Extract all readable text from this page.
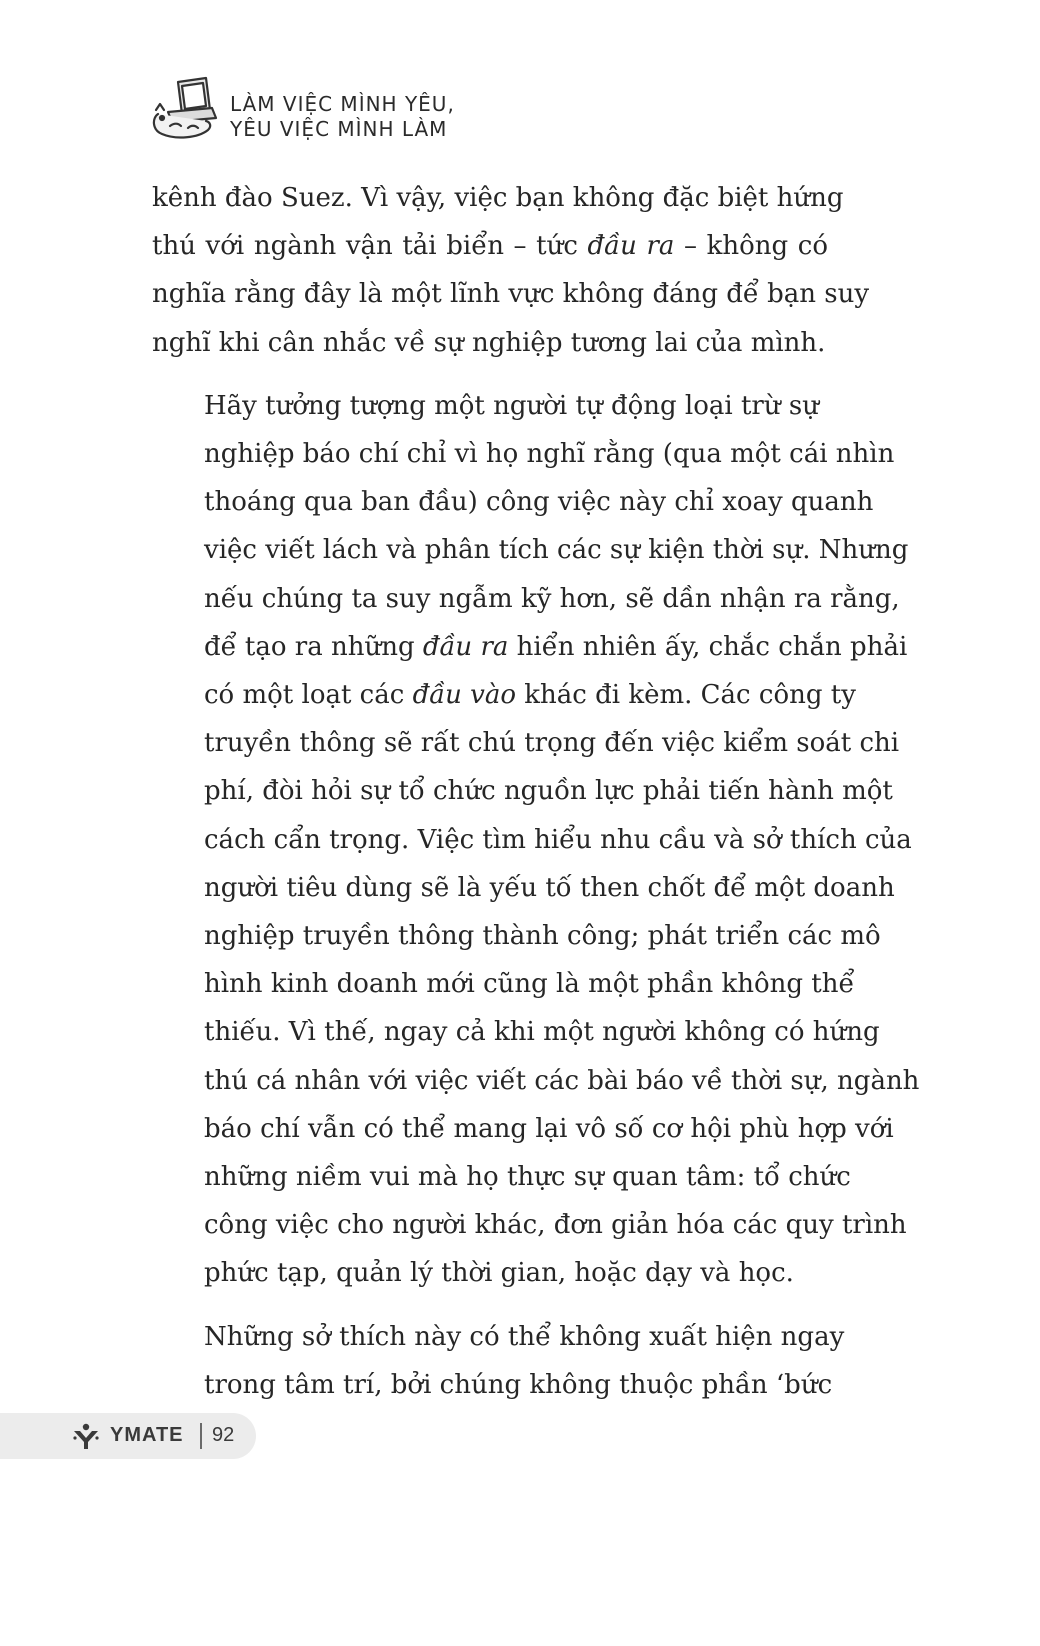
LÀM VIỆC MÌNH YÊU,
YÊU VIỆC MÌNH LÀM

kênh đào Suez. Vì vậy, việc bạn không đặc biệt hứng
thú với ngành vận tải biển – tức đầu ra – không có
nghĩa rằng đây là một lĩnh vực không đáng để bạn suy
nghĩ khi cân nhắc về sự nghiệp tương lai của mình.

Hãy tưởng tượng một người tự động loại trừ sự
nghiệp báo chí chỉ vì họ nghĩ rằng (qua một cái nhìn
thoáng qua ban đầu) công việc này chỉ xoay quanh
việc viết lách và phân tích các sự kiện thời sự. Nhưng
nếu chúng ta suy ngẫm kỹ hơn, sẽ dần nhận ra rằng,
để tạo ra những đầu ra hiển nhiên ấy, chắc chắn phải
có một loạt các đầu vào khác đi kèm. Các công ty
truyền thông sẽ rất chú trọng đến việc kiểm soát chi
phí, đòi hỏi sự tổ chức nguồn lực phải tiến hành một
cách cẩn trọng. Việc tìm hiểu nhu cầu và sở thích của
người tiêu dùng sẽ là yếu tố then chốt để một doanh
nghiệp truyền thông thành công; phát triển các mô
hình kinh doanh mới cũng là một phần không thể
thiếu. Vì thế, ngay cả khi một người không có hứng
thú cá nhân với việc viết các bài báo về thời sự, ngành
báo chí vẫn có thể mang lại vô số cơ hội phù hợp với
những niềm vui mà họ thực sự quan tâm: tổ chức
công việc cho người khác, đơn giản hóa các quy trình
phức tạp, quản lý thời gian, hoặc dạy và học.

Những sở thích này có thể không xuất hiện ngay
trong tâm trí, bởi chúng không thuộc phần ‘bức

YMATE 92
